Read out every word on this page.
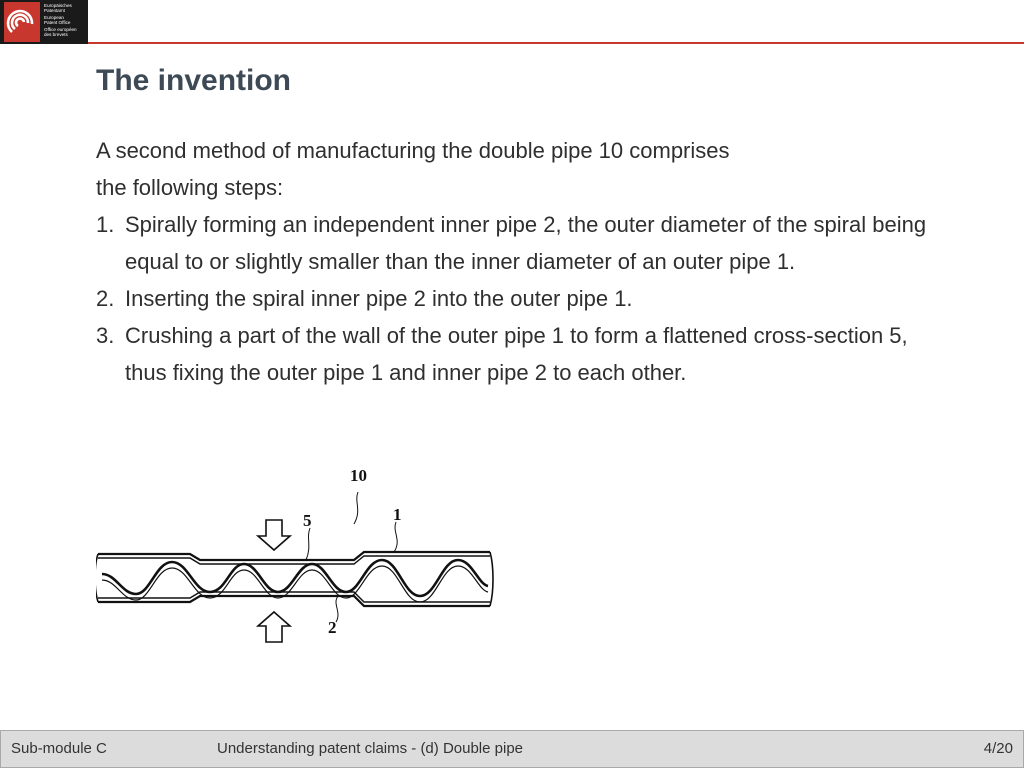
Europäisches
Patentamt
European
Patent Office
Office européen
des brevets
The invention

A second method of manufacturing the double pipe 10 comprises

the following steps:

1. Spirally forming an independent inner pipe 2, the outer diameter of the spiral being equal to or slightly smaller than the inner diameter of an outer pipe 1.
2. Inserting the spiral inner pipe 2 into the outer pipe 1.
3. Crushing a part of the wall of the outer pipe 1 to form a flattened cross-section 5, thus fixing the outer pipe 1 and inner pipe 2 to each other.
10
5	1
2
Sub-module C	Understanding patent claims - (d) Double pipe	4/20
